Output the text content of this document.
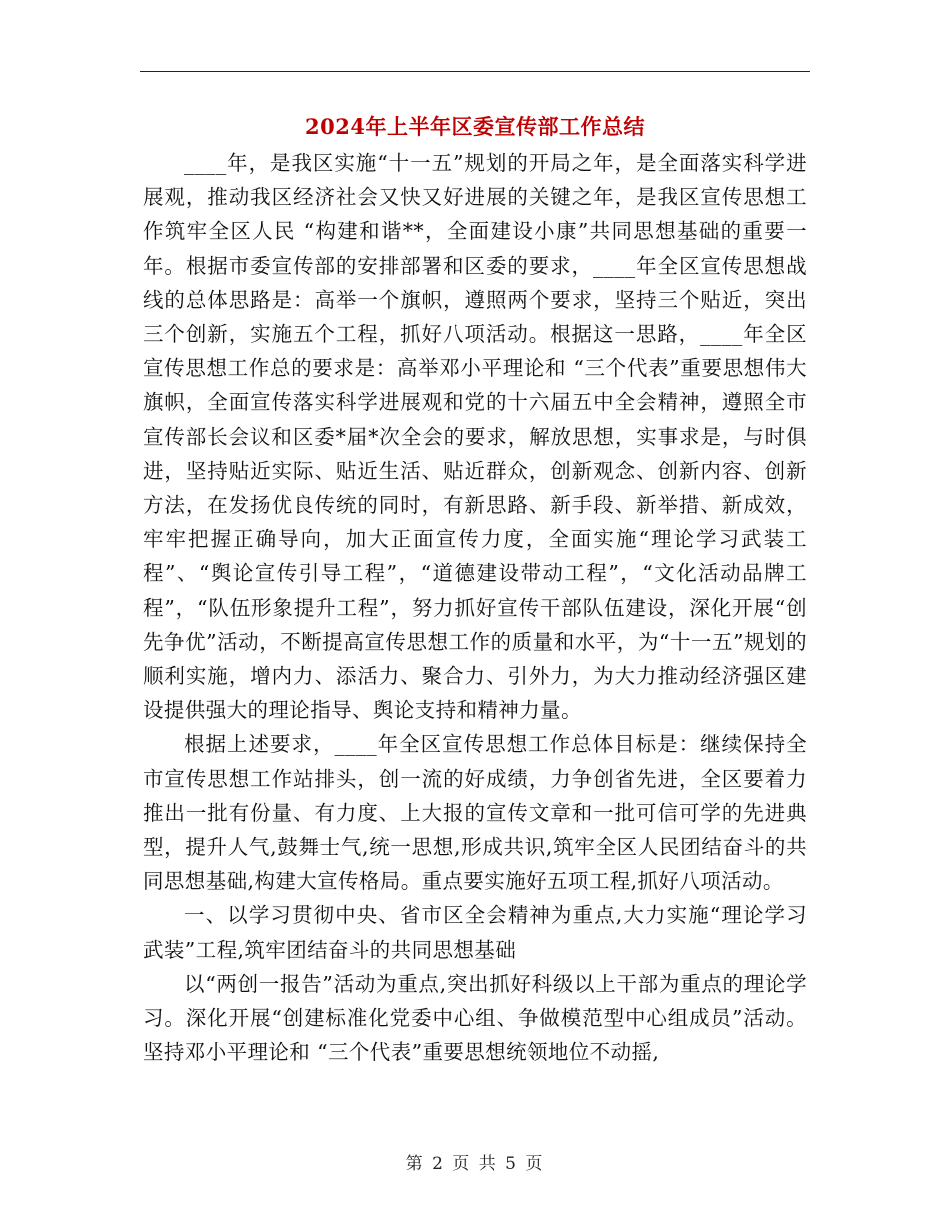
2024年上半年区委宣传部工作总结

____年，是我区实施“十一五”规划的开局之年，是全面落实科学进展观，推动我区经济社会又快又好进展的关键之年，是我区宣传思想工作筑牢全区人民 “构建和谐**，全面建设小康”共同思想基础的重要一年。根据市委宣传部的安排部署和区委的要求，____年全区宣传思想战线的总体思路是：高举一个旗帜，遵照两个要求，坚持三个贴近，突出三个创新，实施五个工程，抓好八项活动。根据这一思路，____年全区宣传思想工作总的要求是：高举邓小平理论和 “三个代表”重要思想伟大旗帜，全面宣传落实科学进展观和党的十六届五中全会精神，遵照全市宣传部长会议和区委*届*次全会的要求，解放思想，实事求是，与时俱进，坚持贴近实际、贴近生活、贴近群众，创新观念、创新内容、创新方法，在发扬优良传统的同时，有新思路、新手段、新举措、新成效，牢牢把握正确导向，加大正面宣传力度，全面实施“理论学习武装工程”、“舆论宣传引导工程”，“道德建设带动工程”，“文化活动品牌工程”，“队伍形象提升工程”，努力抓好宣传干部队伍建设，深化开展“创先争优”活动，不断提高宣传思想工作的质量和水平，为“十一五”规划的顺利实施，增内力、添活力、聚合力、引外力，为大力推动经济强区建设提供强大的理论指导、舆论支持和精神力量。

根据上述要求，____年全区宣传思想工作总体目标是：继续保持全市宣传思想工作站排头，创一流的好成绩，力争创省先进，全区要着力推出一批有份量、有力度、上大报的宣传文章和一批可信可学的先进典型，提升人气,鼓舞士气,统一思想,形成共识,筑牢全区人民团结奋斗的共同思想基础,构建大宣传格局。重点要实施好五项工程,抓好八项活动。

一、以学习贯彻中央、省市区全会精神为重点,大力实施“理论学习武装”工程,筑牢团结奋斗的共同思想基础

以“两创一报告”活动为重点,突出抓好科级以上干部为重点的理论学习。深化开展“创建标准化党委中心组、争做模范型中心组成员”活动。坚持邓小平理论和 “三个代表”重要思想统领地位不动摇,

第 2 页 共 5 页
